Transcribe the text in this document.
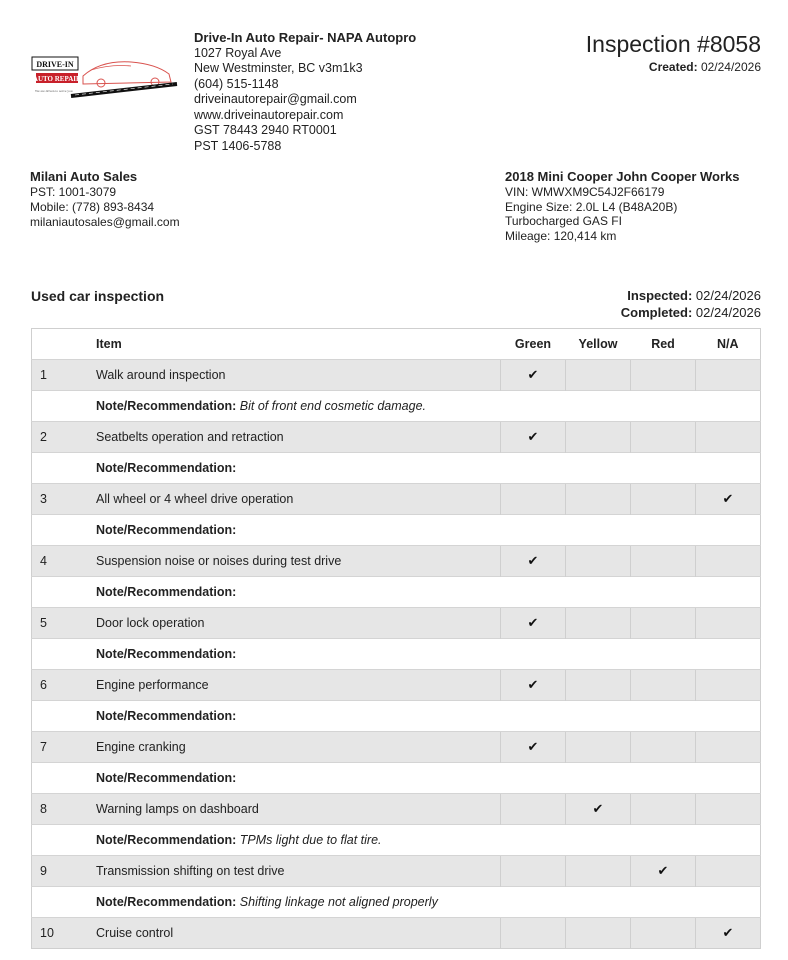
DRIVE-IN
AUTO REPAIR
We are driven to serve you
Drive-In Auto Repair- NAPA Autopro
1027 Royal Ave
New Westminster, BC v3m1k3
(604) 515-1148
driveinautorepair@gmail.com
www.driveinautorepair.com
GST 78443 2940 RT0001
PST 1406-5788
Inspection #8058
Created: 02/24/2026
Milani Auto Sales
PST: 1001-3079
Mobile: (778) 893-8434
milaniautosales@gmail.com
2018 Mini Cooper John Cooper Works
VIN: WMWXM9C54J2F66179
Engine Size: 2.0L L4 (B48A20B)
Turbocharged GAS FI
Mileage: 120,414 km
Used car inspection	Inspected: 02/24/2026
Completed: 02/24/2026
	Item	Green	Yellow	Red	N/A
1	Walk around inspection	✔			
	Note/Recommendation: Bit of front end cosmetic damage.				
2	Seatbelts operation and retraction	✔			
	Note/Recommendation:				
3	All wheel or 4 wheel drive operation				✔
	Note/Recommendation:				
4	Suspension noise or noises during test drive	✔			
	Note/Recommendation:				
5	Door lock operation	✔			
	Note/Recommendation:				
6	Engine performance	✔			
	Note/Recommendation:				
7	Engine cranking	✔			
	Note/Recommendation:				
8	Warning lamps on dashboard		✔		
	Note/Recommendation: TPMs light due to flat tire.				
9	Transmission shifting on test drive			✔	
	Note/Recommendation: Shifting linkage not aligned properly				
10	Cruise control				✔
